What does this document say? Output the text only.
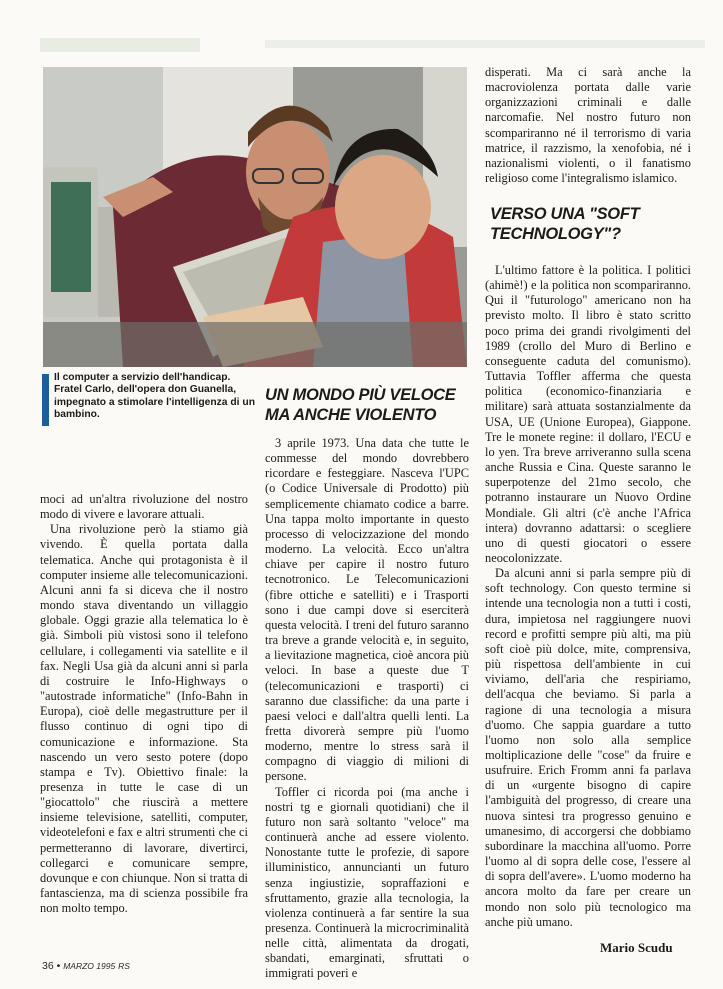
Il computer a servizio dell'handicap. Fratel Carlo, dell'opera don Guanella, impegnato a stimolare l'intelligenza di un bambino.

moci ad un'altra rivoluzione del nostro modo di vivere e lavorare attuali.

Una rivoluzione però la stiamo già vivendo. È quella portata dalla telematica. Anche qui protagonista è il computer insieme alle telecomunicazioni. Alcuni anni fa si diceva che il nostro mondo stava diventando un villaggio globale. Oggi grazie alla telematica lo è già. Simboli più vistosi sono il telefono cellulare, i collegamenti via satellite e il fax. Negli Usa già da alcuni anni si parla di costruire le Info-Highways o "autostrade informatiche" (Info-Bahn in Europa), cioè delle megastrutture per il flusso continuo di ogni tipo di comunicazione e informazione. Sta nascendo un vero sesto potere (dopo stampa e Tv). Obiettivo finale: la presenza in tutte le case di un "giocattolo" che riuscirà a mettere insieme televisione, satelliti, computer, videotelefoni e fax e altri strumenti che ci permetteranno di lavorare, divertirci, collegarci e comunicare sempre, dovunque e con chiunque. Non si tratta di fantascienza, ma di scienza possibile fra non molto tempo.

UN MONDO PIÙ VELOCE MA ANCHE VIOLENTO

3 aprile 1973. Una data che tutte le commesse del mondo dovrebbero ricordare e festeggiare. Nasceva l'UPC (o Codice Universale di Prodotto) più semplicemente chiamato codice a barre. Una tappa molto importante in questo processo di velocizzazione del mondo moderno. La velocità. Ecco un'altra chiave per capire il nostro futuro tecnotronico. Le Telecomunicazioni (fibre ottiche e satelliti) e i Trasporti sono i due campi dove si eserciterà questa velocità. I treni del futuro saranno tra breve a grande velocità e, in seguito, a lievitazione magnetica, cioè ancora più veloci. In base a queste due T (telecomunicazioni e trasporti) ci saranno due classifiche: da una parte i paesi veloci e dall'altra quelli lenti. La fretta divorerà sempre più l'uomo moderno, mentre lo stress sarà il compagno di viaggio di milioni di persone.

Toffler ci ricorda poi (ma anche i nostri tg e giornali quotidiani) che il futuro non sarà soltanto "veloce" ma continuerà anche ad essere violento. Nonostante tutte le profezie, di sapore illuministico, annuncianti un futuro senza ingiustizie, sopraffazioni e sfruttamento, grazie alla tecnologia, la violenza continuerà a far sentire la sua presenza. Continuerà la microcriminalità nelle città, alimentata da drogati, sbandati, emarginati, sfruttati o immigrati poveri e

disperati. Ma ci sarà anche la macroviolenza portata dalle varie organizzazioni criminali e dalle narcomafie. Nel nostro futuro non scompariranno né il terrorismo di varia matrice, il razzismo, la xenofobia, né i nazionalismi violenti, o il fanatismo religioso come l'integralismo islamico.

VERSO UNA "SOFT TECHNOLOGY"?

L'ultimo fattore è la politica. I politici (ahimè!) e la politica non scompariranno. Qui il "futurologo" americano non ha previsto molto. Il libro è stato scritto poco prima dei grandi rivolgimenti del 1989 (crollo del Muro di Berlino e conseguente caduta del comunismo). Tuttavia Toffler afferma che questa politica (economico-finanziaria e militare) sarà attuata sostanzialmente da USA, UE (Unione Europea), Giappone. Tre le monete regine: il dollaro, l'ECU e lo yen. Tra breve arriveranno sulla scena anche Russia e Cina. Queste saranno le superpotenze del 21mo secolo, che potranno instaurare un Nuovo Ordine Mondiale. Gli altri (c'è anche l'Africa intera) dovranno adattarsi: o scegliere uno di questi giocatori o essere neocolonizzate.

Da alcuni anni si parla sempre più di soft technology. Con questo termine si intende una tecnologia non a tutti i costi, dura, impietosa nel raggiungere nuovi record e profitti sempre più alti, ma più soft cioè più dolce, mite, comprensiva, più rispettosa dell'ambiente in cui viviamo, dell'aria che respiriamo, dell'acqua che beviamo. Si parla a ragione di una tecnologia a misura d'uomo. Che sappia guardare a tutto l'uomo non solo alla semplice moltiplicazione delle "cose" da fruire e usufruire. Erich Fromm anni fa parlava di un «urgente bisogno di capire l'ambiguità del progresso, di creare una nuova sintesi tra progresso genuino e umanesimo, di accorgersi che dobbiamo subordinare la macchina all'uomo. Porre l'uomo al di sopra delle cose, l'essere al di sopra dell'avere». L'uomo moderno ha ancora molto da fare per creare un mondo non solo più tecnologico ma anche più umano.

Mario Scudu
36 • MARZO 1995 RS
